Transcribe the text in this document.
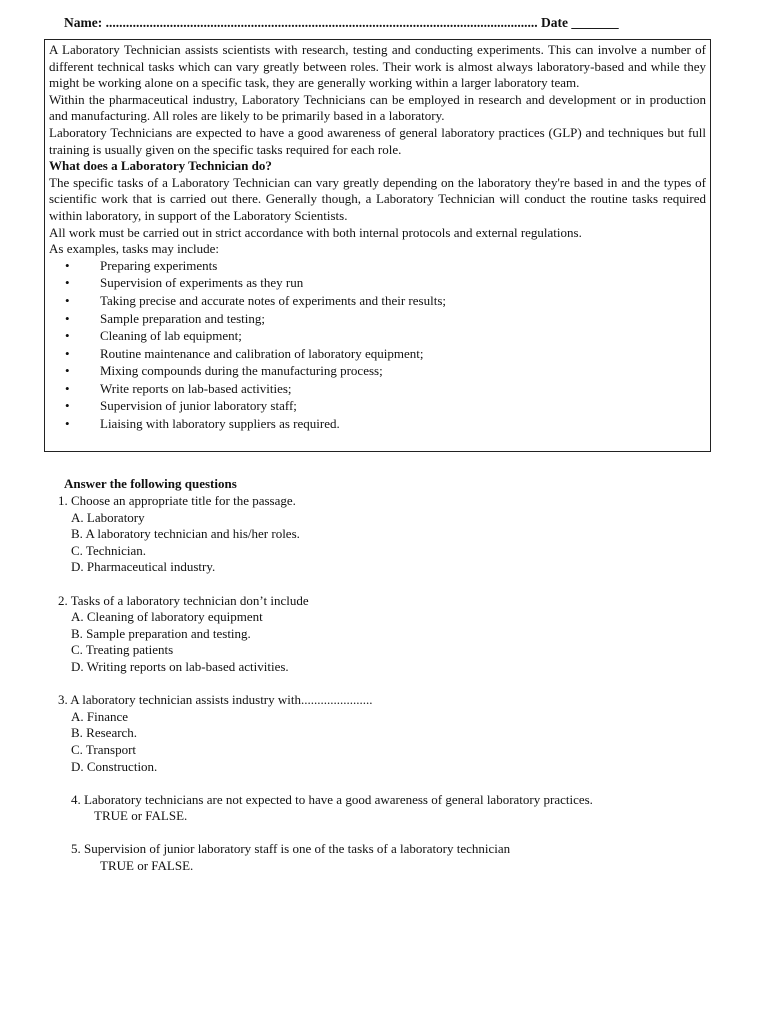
Name: ................................................................................................................................ Date _______

A Laboratory Technician assists scientists with research, testing and conducting experiments. This can involve a number of different technical tasks which can vary greatly between roles. Their work is almost always laboratory-based and while they might be working alone on a specific task, they are generally working within a larger laboratory team.

Within the pharmaceutical industry, Laboratory Technicians can be employed in research and development or in production and manufacturing. All roles are likely to be primarily based in a laboratory.

Laboratory Technicians are expected to have a good awareness of general laboratory practices (GLP) and techniques but full training is usually given on the specific tasks required for each role.

What does a Laboratory Technician do?

The specific tasks of a Laboratory Technician can vary greatly depending on the laboratory they're based in and the types of scientific work that is carried out there. Generally though, a Laboratory Technician will conduct the routine tasks required within laboratory, in support of the Laboratory Scientists.

All work must be carried out in strict accordance with both internal protocols and external regulations.

As examples, tasks may include:

• Preparing experiments
• Supervision of experiments as they run
• Taking precise and accurate notes of experiments and their results;
• Sample preparation and testing;
• Cleaning of lab equipment;
• Routine maintenance and calibration of laboratory equipment;
• Mixing compounds during the manufacturing process;
• Write reports on lab-based activities;
• Supervision of junior laboratory staff;
• Liaising with laboratory suppliers as required.
Answer the following questions
1. Choose an appropriate title for the passage.
A. Laboratory
B. A laboratory technician and his/her roles.
C. Technician.
D. Pharmaceutical industry.
2. Tasks of a laboratory technician don’t include
A. Cleaning of laboratory equipment
B. Sample preparation and testing.
C. Treating patients
D. Writing reports on lab-based activities.
3. A laboratory technician assists industry with......................
A. Finance
B. Research.
C. Transport
D. Construction.
4. Laboratory technicians are not expected to have a good awareness of general laboratory practices.
TRUE or FALSE.
5. Supervision of junior laboratory staff is one of the tasks of a laboratory technician
TRUE or FALSE.
